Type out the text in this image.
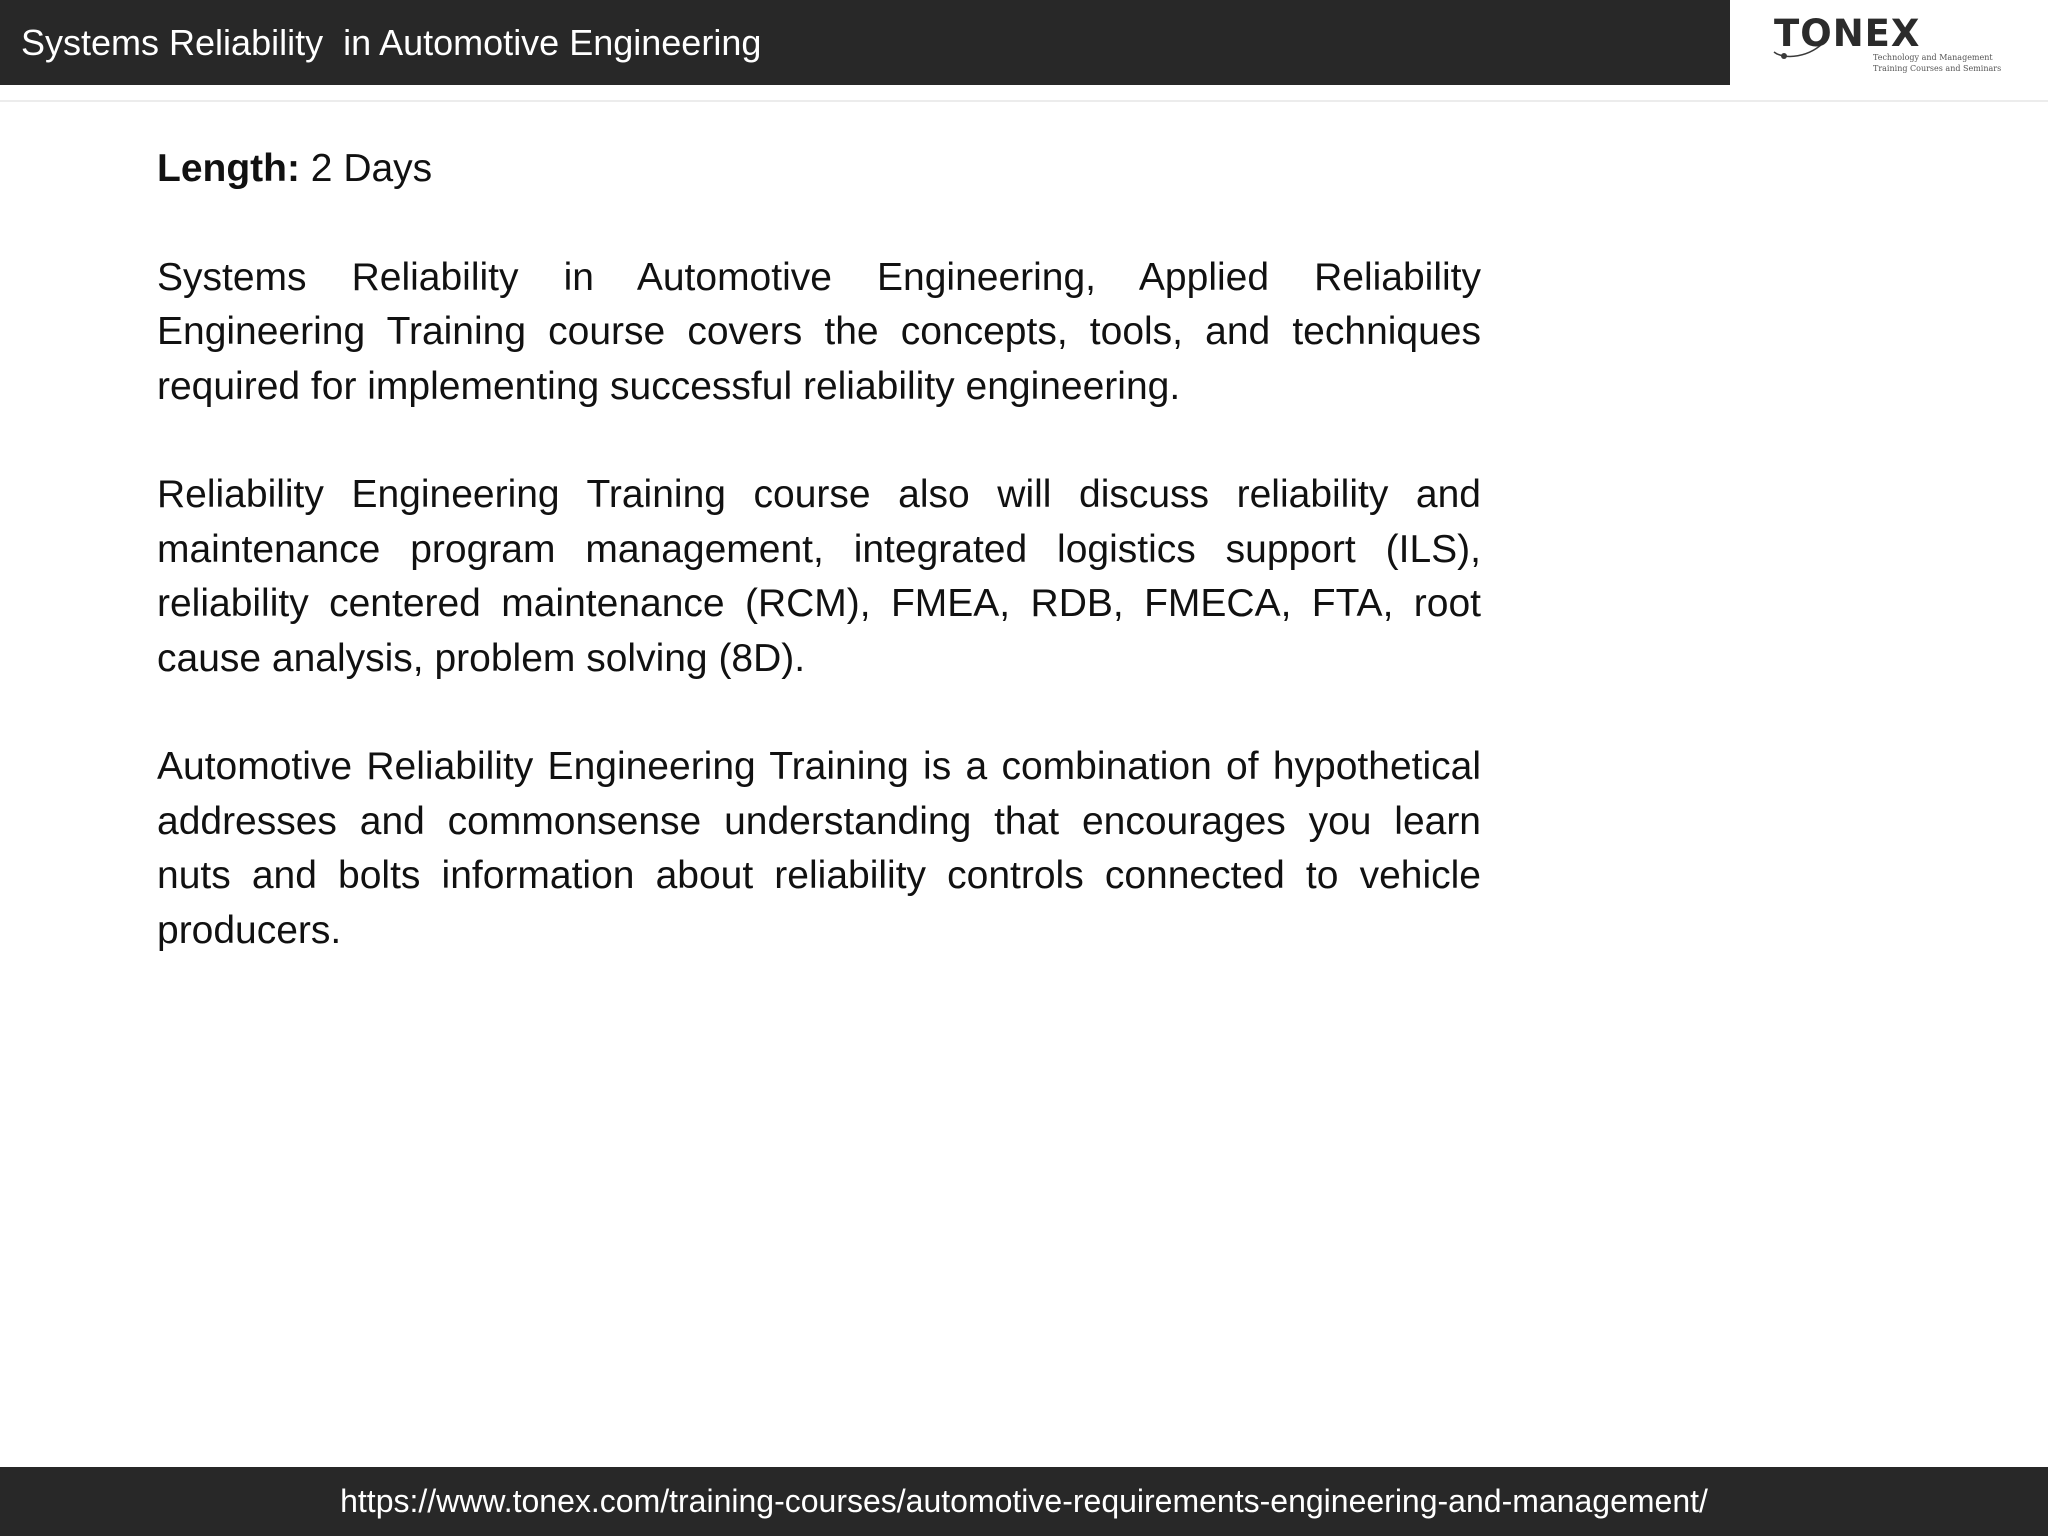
Systems Reliability  in Automotive Engineering	TONEX
Technology and Management
Training Courses and Seminars

Length: 2 Days

Systems Reliability in Automotive Engineering, Applied Reliability Engineering Training course covers the concepts, tools, and techniques required for implementing successful reliability engineering.

Reliability Engineering Training course also will discuss reliability and maintenance program management, integrated logistics support (ILS), reliability centered maintenance (RCM), FMEA, RDB, FMECA, FTA, root cause analysis, problem solving (8D).

Automotive Reliability Engineering Training is a combination of hypothetical addresses and commonsense understanding that encourages you learn nuts and bolts information about reliability controls connected to vehicle producers.

https://www.tonex.com/training-courses/automotive-requirements-engineering-and-management/
